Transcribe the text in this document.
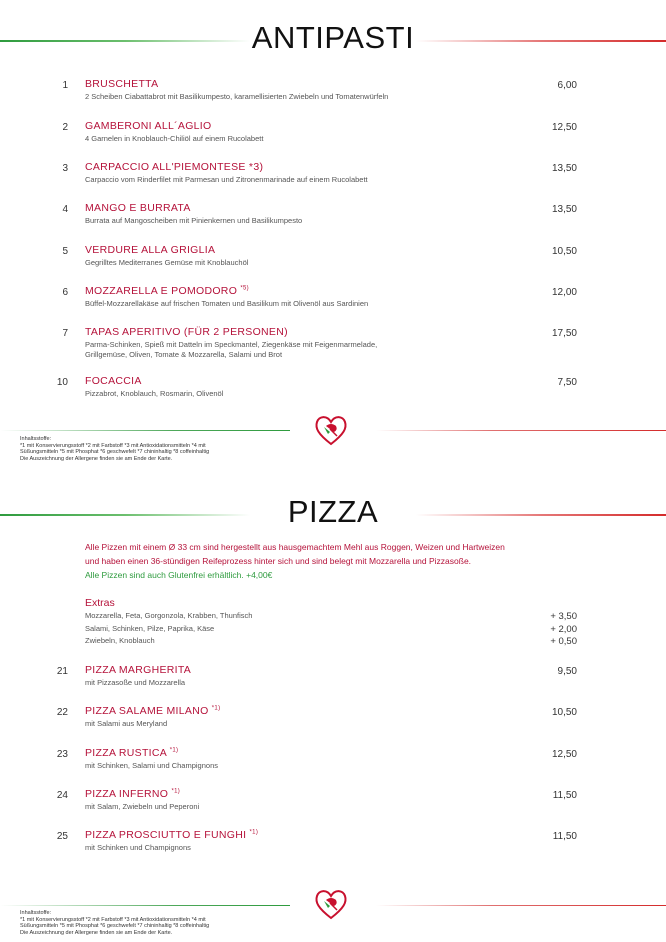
ANTIPASTI
1 BRUSCHETTA
2 Scheiben Ciabattabrot mit Basilikumpesto, karamellisierten Zwiebeln und Tomatenwürfeln
6,00
2 GAMBERONI ALL´AGLIO
4 Garnelen in Knoblauch-Chiliöl auf einem Rucolabett
12,50
3 CARPACCIO ALL'PIEMONTESE *3)
Carpaccio vom Rinderfilet mit Parmesan und Zitronenmarinade auf einem Rucolabett
13,50
4 MANGO E BURRATA
Burrata auf Mangoscheiben mit Pinienkernen und Basilikumpesto
13,50
5 VERDURE ALLA GRIGLIA
Gegrilltes Mediterranes Gemüse mit Knoblauchöl
10,50
6 MOZZARELLA E POMODORO $^{*5)}$
Büffel-Mozzarellakäse auf frischen Tomaten und Basilikum mit Olivenöl aus Sardinien
12,00
7 TAPAS APERITIVO (FÜR 2 PERSONEN)
Parma-Schinken, Spieß mit Datteln im Speckmantel, Ziegenkäse mit Feigenmarmelade,
Grillgemüse, Oliven, Tomate & Mozzarella, Salami und Brot
17,50
10 FOCACCIA
Pizzabrot, Knoblauch, Rosmarin, Olivenöl
7,50
Inhaltsstoffe:
*1 mit Konservierungsstoff *2 mit Farbstoff *3 mit Antioxidationsmitteln *4 mit
Süßungsmitteln *5 mit Phosphat *6 geschwefelt *7 chininhaltig *8 coffeinhaltig
Die Auszeichnung der Allergene finden sie am Ende der Karte.
PIZZA
Alle Pizzen mit einem Ø 33 cm sind hergestellt aus hausgemachtem Mehl aus Roggen, Weizen und Hartweizen
und haben einen 36-stündigen Reifeprozess hinter sich und sind belegt mit Mozzarella und Pizzasoße.
Alle Pizzen sind auch Glutenfrei erhältlich. +4,00€
Extras
Mozzarella, Feta, Gorgonzola, Krabben, Thunfisch	+ 3,50
Salami, Schinken, Pilze, Paprika, Käse	+ 2,00
Zwiebeln, Knoblauch	+ 0,50
21 PIZZA MARGHERITA
mit Pizzasoße und Mozzarella
9,50
22 PIZZA SALAME MILANO $^{*1)}$
mit Salami aus Meryland
10,50
23 PIZZA RUSTICA $^{*1)}$
mit Schinken, Salami und Champignons
12,50
24 PIZZA INFERNO $^{*1)}$
mit Salam, Zwiebeln und Peperoni
11,50
25 PIZZA PROSCIUTTO E FUNGHI $^{*1)}$
mit Schinken und Champignons
11,50
Inhaltsstoffe:
*1 mit Konservierungsstoff *2 mit Farbstoff *3 mit Antioxidationsmitteln *4 mit
Süßungsmitteln *5 mit Phosphat *6 geschwefelt *7 chininhaltig *8 coffeinhaltig
Die Auszeichnung der Allergene finden sie am Ende der Karte.
